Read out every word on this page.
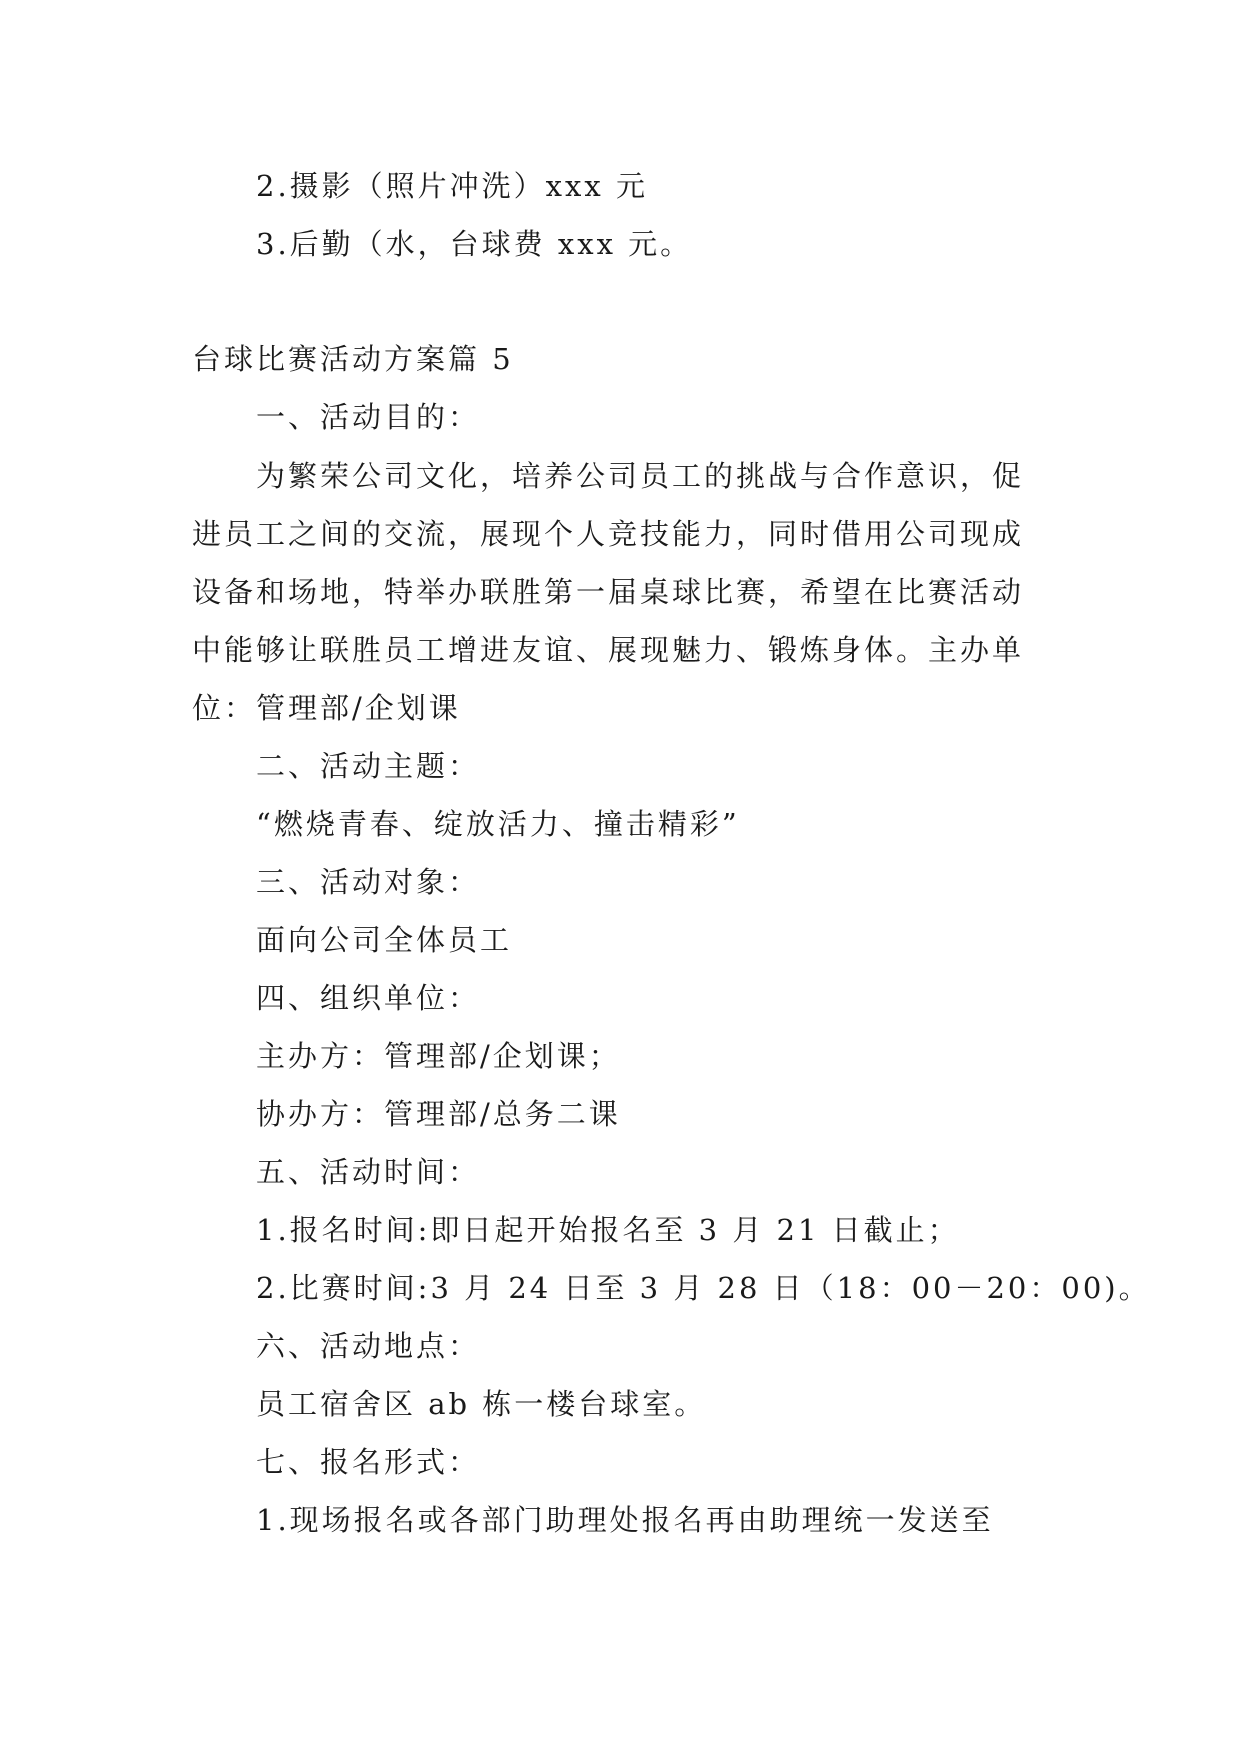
2.摄影（照片冲洗）xxx 元
3.后勤（水，台球费 xxx 元。
台球比赛活动方案篇 5
一、活动目的：
为繁荣公司文化，培养公司员工的挑战与合作意识，促
进员工之间的交流，展现个人竞技能力，同时借用公司现成
设备和场地，特举办联胜第一届桌球比赛，希望在比赛活动
中能够让联胜员工增进友谊、展现魅力、锻炼身体。主办单
位：管理部/企划课
二、活动主题：
“燃烧青春、绽放活力、撞击精彩”
三、活动对象：
面向公司全体员工
四、组织单位：
主办方：管理部/企划课；
协办方：管理部/总务二课
五、活动时间：
1.报名时间:即日起开始报名至 3 月 21 日截止；
2.比赛时间:3 月 24 日至 3 月 28 日（18：00－20：00)。
六、活动地点：
员工宿舍区 ab 栋一楼台球室。
七、报名形式：
1.现场报名或各部门助理处报名再由助理统一发送至
